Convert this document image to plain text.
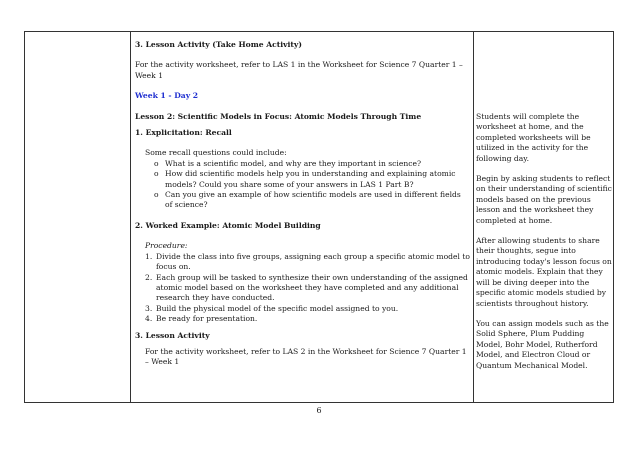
3. Lesson Activity (Take Home Activity)

For the activity worksheet, refer to LAS 1 in the Worksheet for Science 7 Quarter 1 – Week 1

Week 1 - Day 2

Lesson 2: Scientific Models in Focus: Atomic Models Through Time

1. Explicitation: Recall

Some recall questions could include:

o What is a scientific model, and why are they important in science?
o How did scientific models help you in understanding and explaining atomic models? Could you share some of your answers in LAS 1 Part B?
o Can you give an example of how scientific models are used in different fields of science?

2. Worked Example: Atomic Model Building

Procedure:

1. Divide the class into five groups, assigning each group a specific atomic model to focus on.
2. Each group will be tasked to synthesize their own understanding of the assigned atomic model based on the worksheet they have completed and any additional research they have conducted.
3. Build the physical model of the specific model assigned to you.
4. Be ready for presentation.

3. Lesson Activity

For the activity worksheet, refer to LAS 2 in the Worksheet for Science 7 Quarter 1 – Week 1

Students will complete the worksheet at home, and the completed worksheets will be utilized in the activity for the following day.

Begin by asking students to reflect on their understanding of scientific models based on the previous lesson and the worksheet they completed at home.

After allowing students to share their thoughts, segue into introducing today's lesson focus on atomic models. Explain that they will be diving deeper into the specific atomic models studied by scientists throughout history.

You can assign models such as the Solid Sphere, Plum Pudding Model, Bohr Model, Rutherford Model, and Electron Cloud or Quantum Mechanical Model.

6
